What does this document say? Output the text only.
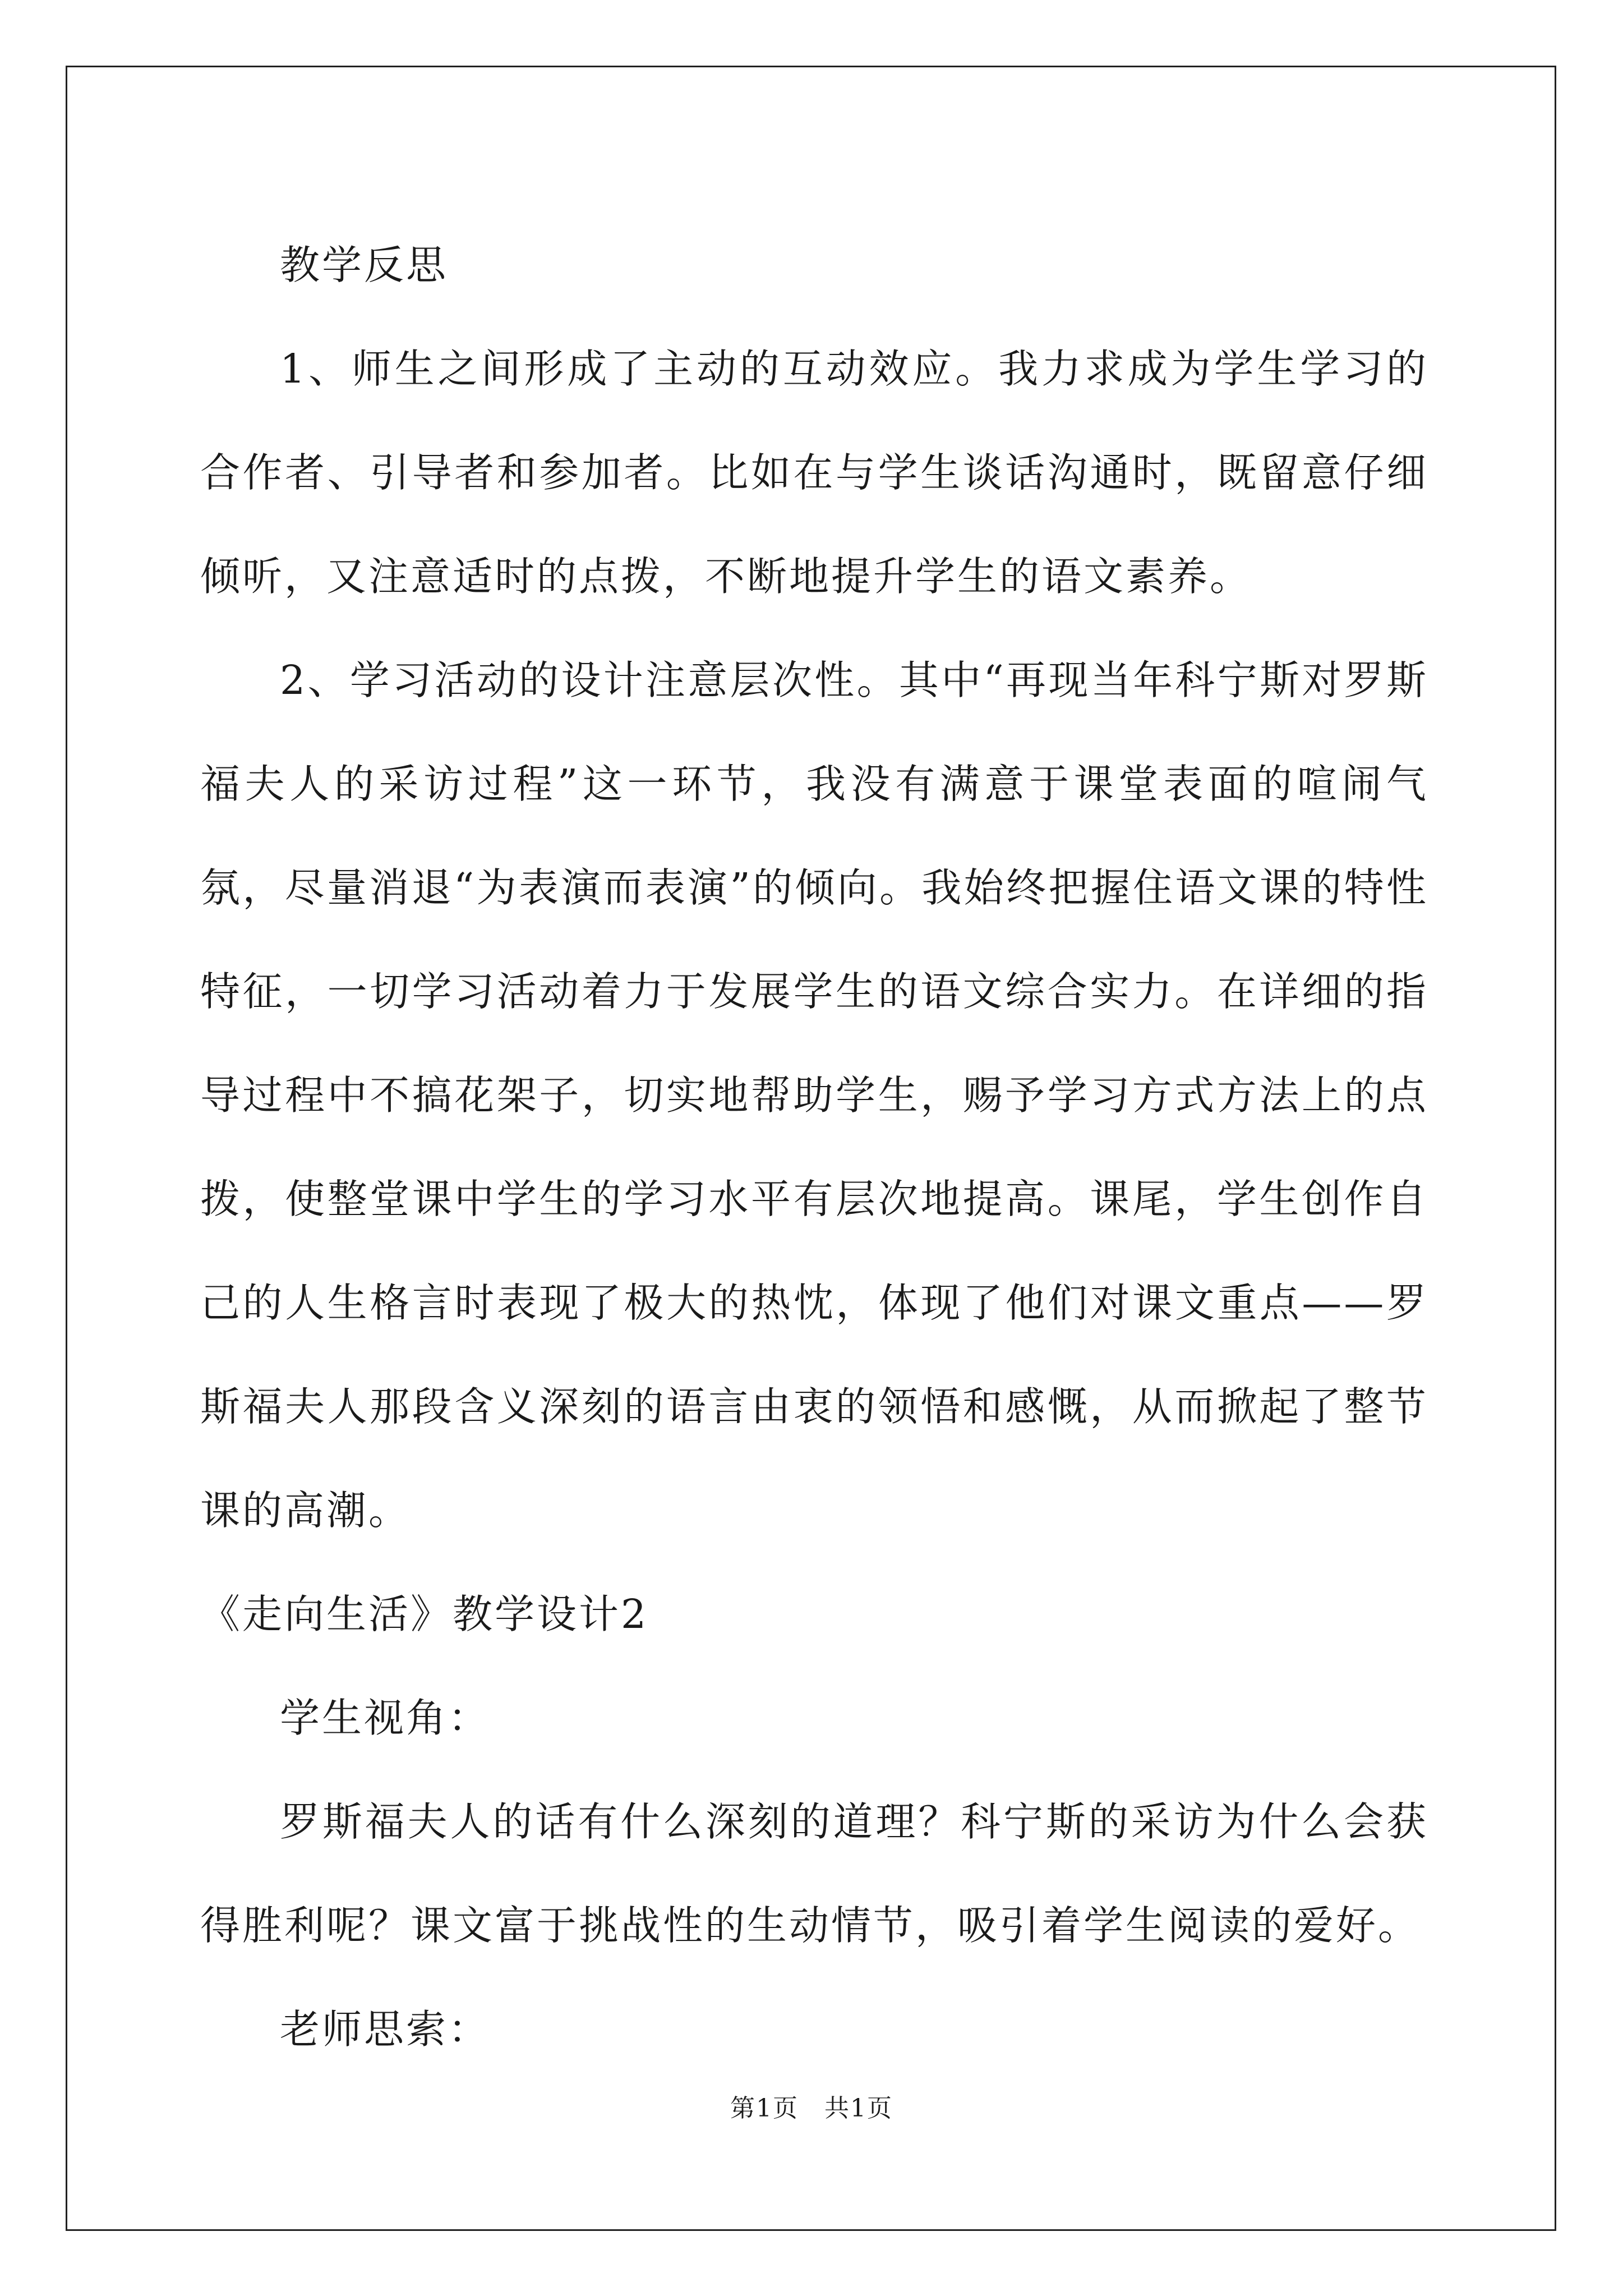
教学反思

1、师生之间形成了主动的互动效应。我力求成为学生学习的合作者、引导者和参加者。比如在与学生谈话沟通时，既留意仔细倾听，又注意适时的点拨，不断地提升学生的语文素养。

2、学习活动的设计注意层次性。其中“再现当年科宁斯对罗斯福夫人的采访过程”这一环节，我没有满意于课堂表面的喧闹气氛，尽量消退“为表演而表演”的倾向。我始终把握住语文课的特性特征，一切学习活动着力于发展学生的语文综合实力。在详细的指导过程中不搞花架子，切实地帮助学生，赐予学习方式方法上的点拨，使整堂课中学生的学习水平有层次地提高。课尾，学生创作自己的人生格言时表现了极大的热忱，体现了他们对课文重点——罗斯福夫人那段含义深刻的语言由衷的领悟和感慨，从而掀起了整节课的高潮。

《走向生活》教学设计2

学生视角：

罗斯福夫人的话有什么深刻的道理？科宁斯的采访为什么会获得胜利呢？课文富于挑战性的生动情节，吸引着学生阅读的爱好。

老师思索：

第1页　共1页
